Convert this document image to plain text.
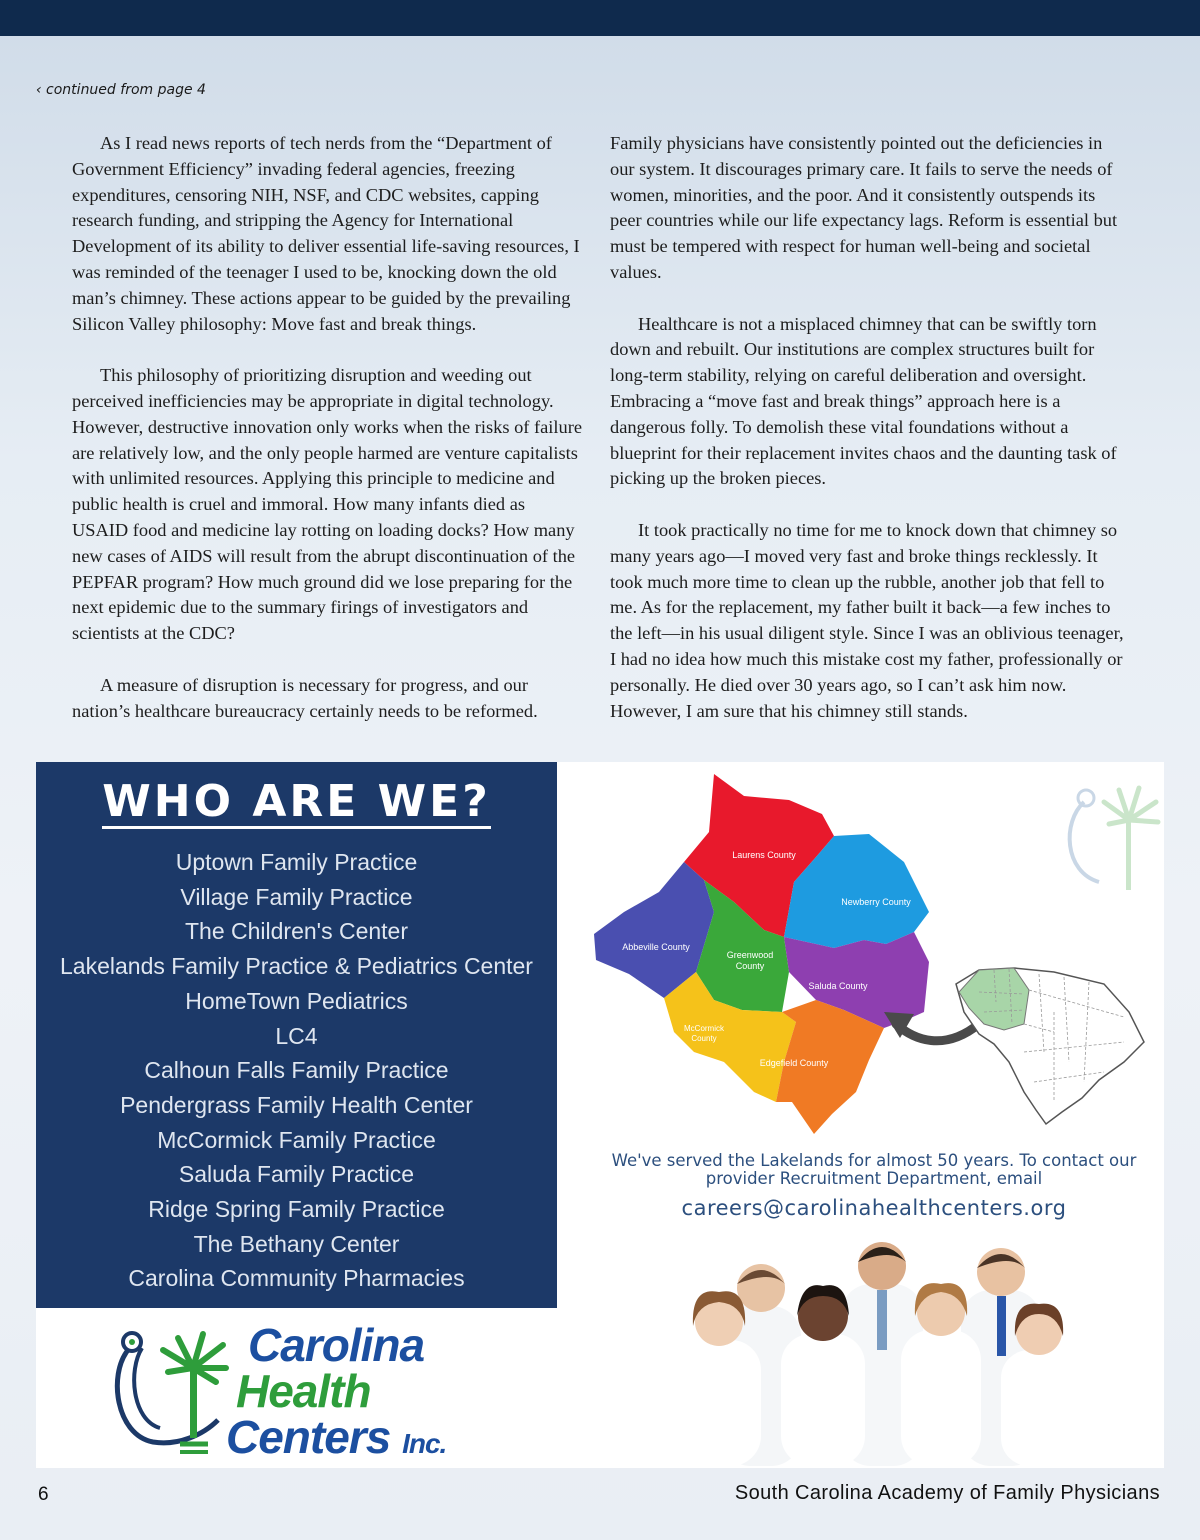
‹ continued from page 4

As I read news reports of tech nerds from the “Department of Government Efficiency” invading federal agencies, freezing expenditures, censoring NIH, NSF, and CDC websites, capping research funding, and stripping the Agency for International Development of its ability to deliver essential life-saving resources, I was reminded of the teenager I used to be, knocking down the old man’s chimney. These actions appear to be guided by the prevailing Silicon Valley philosophy: Move fast and break things.

This philosophy of prioritizing disruption and weeding out perceived inefficiencies may be appropriate in digital technology. However, destructive innovation only works when the risks of failure are relatively low, and the only people harmed are venture capitalists with unlimited resources. Applying this principle to medicine and public health is cruel and immoral. How many infants died as USAID food and medicine lay rotting on loading docks? How many new cases of AIDS will result from the abrupt discontinuation of the PEPFAR program? How much ground did we lose preparing for the next epidemic due to the summary firings of investigators and scientists at the CDC?

A measure of disruption is necessary for progress, and our nation’s healthcare bureaucracy certainly needs to be reformed.

Family physicians have consistently pointed out the deficiencies in our system. It discourages primary care. It fails to serve the needs of women, minorities, and the poor. And it consistently outspends its peer countries while our life expectancy lags. Reform is essential but must be tempered with respect for human well-being and societal values.

Healthcare is not a misplaced chimney that can be swiftly torn down and rebuilt. Our institutions are complex structures built for long-term stability, relying on careful deliberation and oversight. Embracing a “move fast and break things” approach here is a dangerous folly. To demolish these vital foundations without a blueprint for their replacement invites chaos and the daunting task of picking up the broken pieces.

It took practically no time for me to knock down that chimney so many years ago—I moved very fast and broke things recklessly. It took much more time to clean up the rubble, another job that fell to me. As for the replacement, my father built it back—a few inches to the left—in his usual diligent style. Since I was an oblivious teenager, I had no idea how much this mistake cost my father, professionally or personally. He died over 30 years ago, so I can’t ask him now. However, I am sure that his chimney still stands.

WHO ARE WE?
Uptown Family Practice
Village Family Practice
The Children's Center
Lakelands Family Practice & Pediatrics Center
HomeTown Pediatrics
LC4
Calhoun Falls Family Practice
Pendergrass Family Health Center
McCormick Family Practice
Saluda Family Practice
Ridge Spring Family Practice
The Bethany Center
Carolina Community Pharmacies
Carolina
Health
Centers Inc.
Laurens County
Newberry County
Abbeville County
Greenwood
County
Saluda County
McCormick
County
Edgefield County
We've served the Lakelands for almost 50 years. To contact our
provider Recruitment Department, email
careers@carolinahealthcenters.org
6	South Carolina Academy of Family Physicians
